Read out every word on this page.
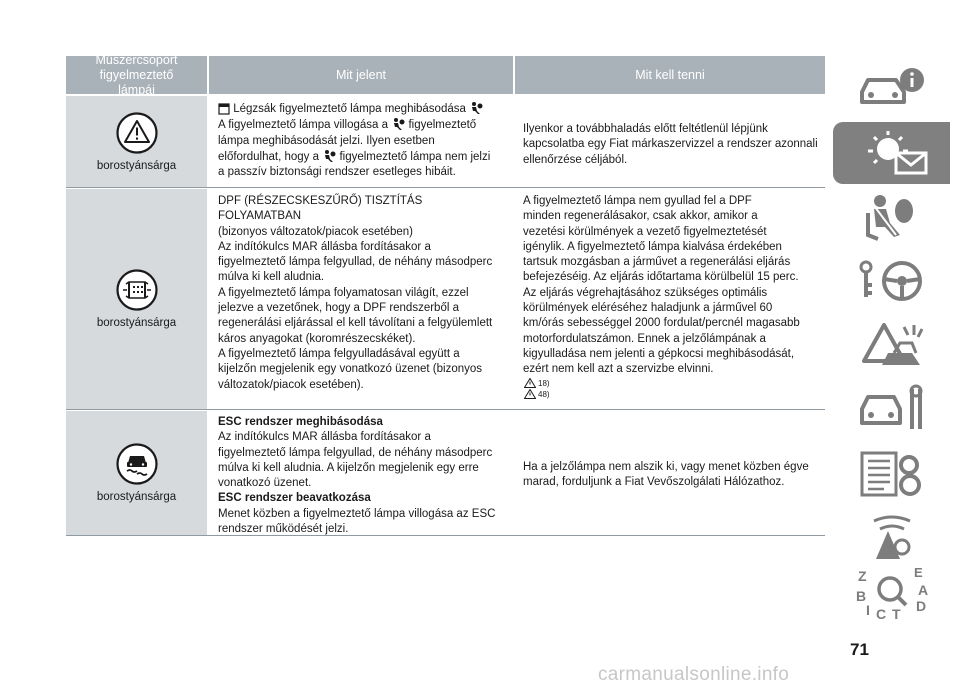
Műszercsoport figyelmeztető lámpái
Mit jelent	Mit kell tenni
borostyánsárga
Légzsák figyelmeztető lámpa meghibásodása
A figyelmeztető lámpa villogása a figyelmeztető
lámpa meghibásodását jelzi. Ilyen esetben
előfordulhat, hogy a figyelmeztető lámpa nem jelzi
a passzív biztonsági rendszer esetleges hibáit.
Ilyenkor a továbbhaladás előtt feltétlenül lépjünk kapcsolatba egy Fiat márkaszervizzel a rendszer azonnali ellenőrzése céljából.
borostyánsárga
DPF (RÉSZECSKESZŰRŐ) TISZTÍTÁS
FOLYAMATBAN
(bizonyos változatok/piacok esetében)
Az indítókulcs MAR állásba fordításakor a
figyelmeztető lámpa felgyullad, de néhány másodperc
múlva ki kell aludnia.
A figyelmeztető lámpa folyamatosan világít, ezzel
jelezve a vezetőnek, hogy a DPF rendszerből a
regenerálási eljárással el kell távolítani a felgyülemlett
káros anyagokat (koromrészecskéket).
A figyelmeztető lámpa felgyulladásával együtt a
kijelzőn megjelenik egy vonatkozó üzenet (bizonyos
változatok/piacok esetében).
A figyelmeztető lámpa nem gyullad fel a DPF
minden regenerálásakor, csak akkor, amikor a
vezetési körülmények a vezető figyelmeztetését
igénylik. A figyelmeztető lámpa kialvása érdekében
tartsuk mozgásban a járművet a regenerálási eljárás
befejezéséig. Az eljárás időtartama körülbelül 15 perc.
Az eljárás végrehajtásához szükséges optimális
körülmények eléréséhez haladjunk a járművel 60
km/órás sebességgel 2000 fordulat/percnél magasabb
motorfordulatszámon. Ennek a jelzőlámpának a
kigyulladása nem jelenti a gépkocsi meghibásodását,
ezért nem kell azt a szervizbe elvinni.
18)
48)
borostyánsárga
ESC rendszer meghibásodása
Az indítókulcs MAR állásba fordításakor a
figyelmeztető lámpa felgyullad, de néhány másodperc
múlva ki kell aludnia. A kijelzőn megjelenik egy erre
vonatkozó üzenet.
ESC rendszer beavatkozása
Menet közben a figyelmeztető lámpa villogása az ESC
rendszer működését jelzi.
Ha a jelzőlámpa nem alszik ki, vagy menet közben égve
marad, forduljunk a Fiat Vevőszolgálati Hálózathoz.
Z	E
A
B
I C T D
71
carmanualsonline.info
